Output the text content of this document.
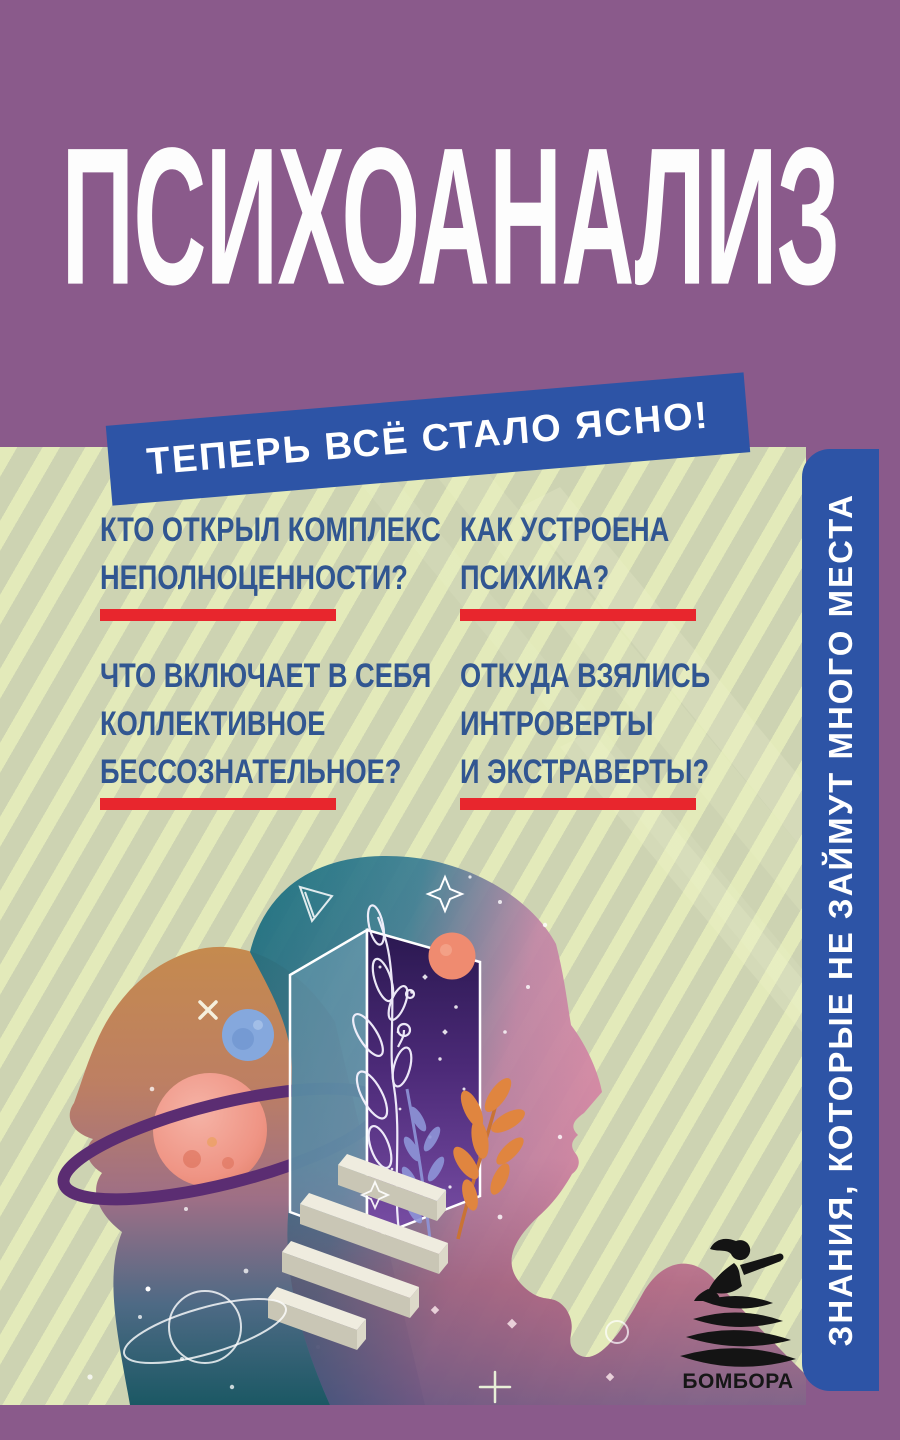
ПСИХОАНАЛИЗ
БОМБОРА
ТЕПЕРЬ ВСЁ СТАЛО ЯСНО!
КТО ОТКРЫЛ КОМПЛЕКС
НЕПОЛНОЦЕННОСТИ?
ЧТО ВКЛЮЧАЕТ В СЕБЯ
КОЛЛЕКТИВНОЕ
БЕССОЗНАТЕЛЬНОЕ?
КАК УСТРОЕНА
ПСИХИКА?
ОТКУДА ВЗЯЛИСЬ
ИНТРОВЕРТЫ
И ЭКСТРАВЕРТЫ?	ЗНАНИЯ, КОТОРЫЕ НЕ ЗАЙМУТ МНОГО МЕСТА
